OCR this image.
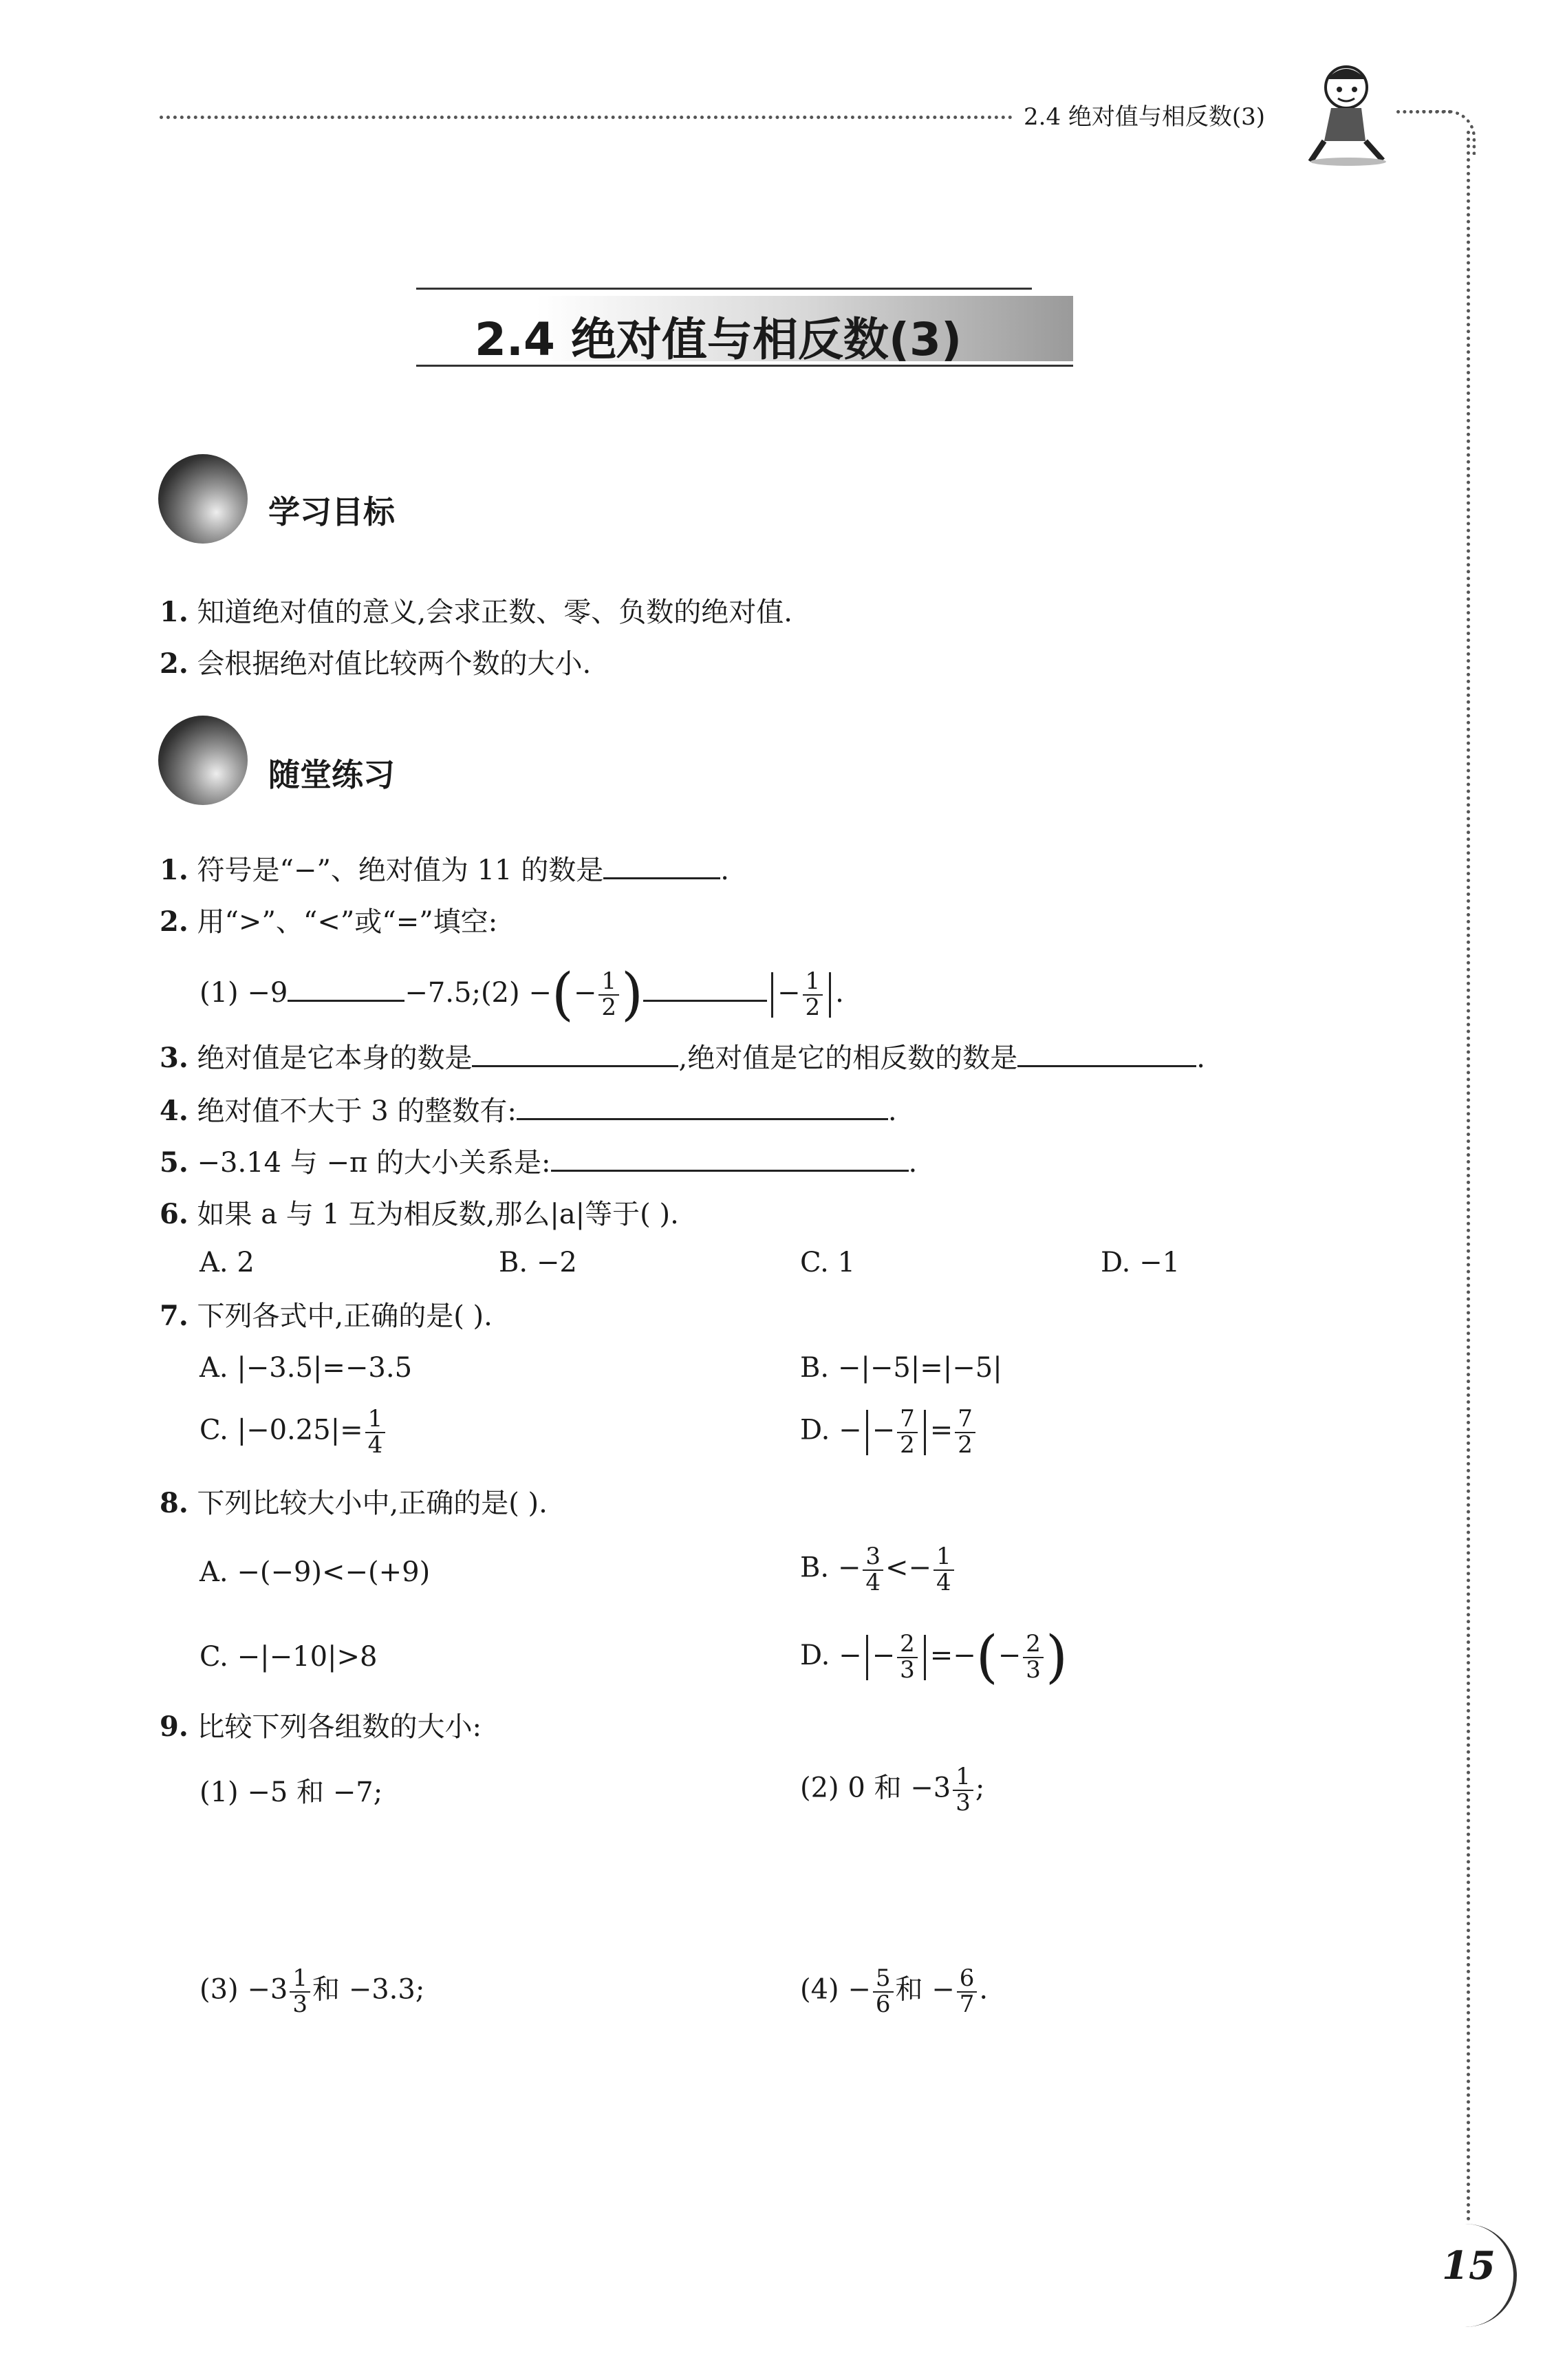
2.4 绝对值与相反数(3)
2.4 绝对值与相反数(3)
学习目标
1. 知道绝对值的意义,会求正数、零、负数的绝对值.
2. 会根据绝对值比较两个数的大小.
随堂练习
1. 符号是“−”、绝对值为 11 的数是	.
2. 用“>”、“<”或“=”填空:
(1) −9	−7.5;(2) −(− $\frac{1}{2}$ )	− $\frac{1}{2}$ .
3. 绝对值是它本身的数是	,绝对值是它的相反数的数是	.
4. 绝对值不大于 3 的整数有:	.
5. −3.14 与 −π 的大小关系是:	.
6. 如果 a 与 1 互为相反数,那么|a|等于( ).
A. 2	B. −2	C. 1	D. −1
7. 下列各式中,正确的是( ).
A. |−3.5|=−3.5	B. −|−5|=|−5|
C. $|-0.25|= \frac{1}{4}$	D. − − $\frac{7}{2} = \frac{7}{2}$
8. 下列比较大小中,正确的是( ).
A. −(−9)<−(+9)	B. − $\frac{3}{4} <- \frac{1}{4}$
C. −|−10|>8	D. − − $\frac{2}{3}$ =−(− $\frac{2}{3}$ )
9. 比较下列各组数的大小:
(1) −5 和 −7;	(2) 0 和 $-3 \frac{1}{3}$ ;
$(3) -3 \frac{1}{3}$ 和 −3.3;	$(4) - \frac{5}{6}$ 和 − $\frac{6}{7}$ .
15
